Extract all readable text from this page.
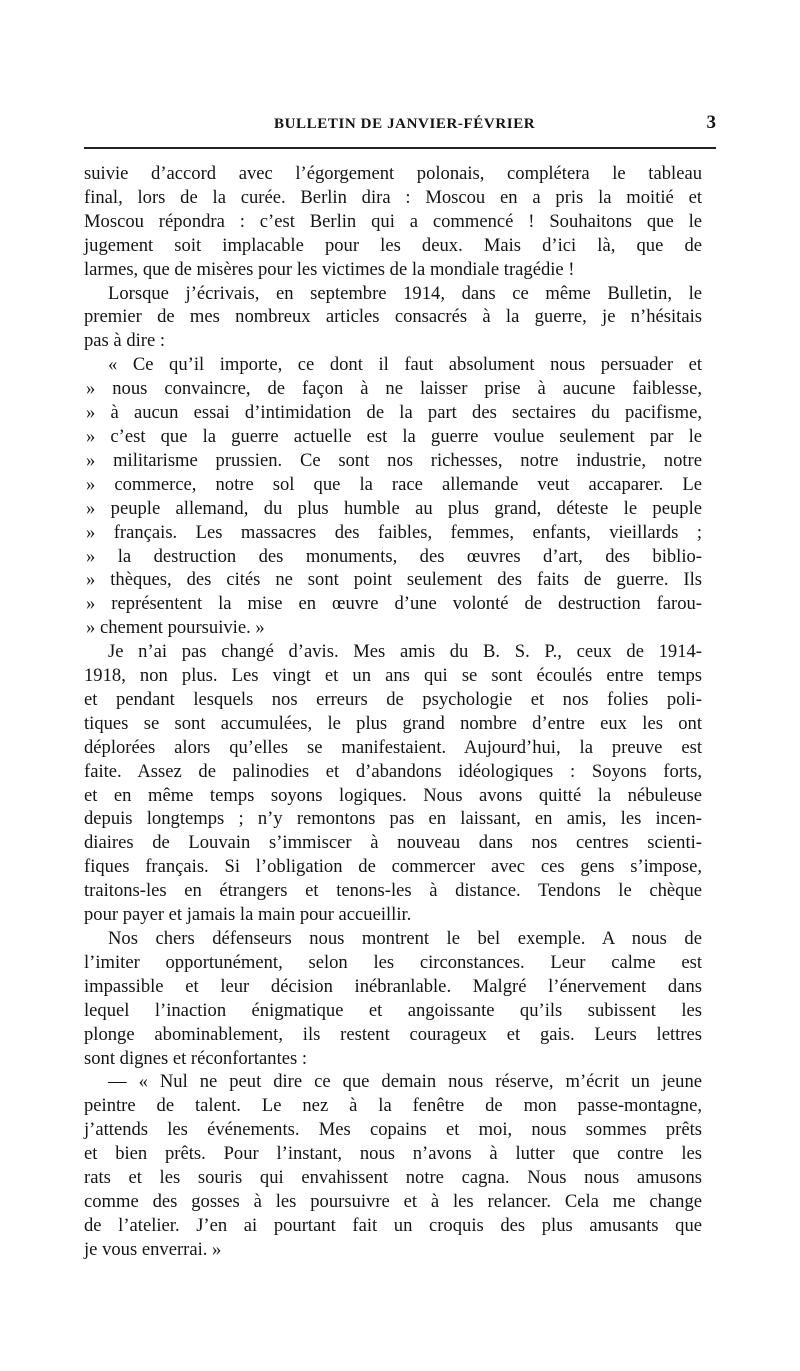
BULLETIN DE JANVIER-FÉVRIER	3

suivie d’accord avec l’égorgement polonais, complétera le tableau

final, lors de la curée. Berlin dira : Moscou en a pris la moitié et

Moscou répondra : c’est Berlin qui a commencé ! Souhaitons que le

jugement soit implacable pour les deux. Mais d’ici là, que de

larmes, que de misères pour les victimes de la mondiale tragédie !

Lorsque j’écrivais, en septembre 1914, dans ce même Bulletin, le

premier de mes nombreux articles consacrés à la guerre, je n’hésitais

pas à dire :

« Ce qu’il importe, ce dont il faut absolument nous persuader et

» nous convaincre, de façon à ne laisser prise à aucune faiblesse,

» à aucun essai d’intimidation de la part des sectaires du pacifisme,

» c’est que la guerre actuelle est la guerre voulue seulement par le

» militarisme prussien. Ce sont nos richesses, notre industrie, notre

» commerce, notre sol que la race allemande veut accaparer. Le

» peuple allemand, du plus humble au plus grand, déteste le peuple

» français. Les massacres des faibles, femmes, enfants, vieillards ;

» la destruction des monuments, des œuvres d’art, des biblio-

» thèques, des cités ne sont point seulement des faits de guerre. Ils

» représentent la mise en œuvre d’une volonté de destruction farou-

» chement poursuivie. »

Je n’ai pas changé d’avis. Mes amis du B. S. P., ceux de 1914-

1918, non plus. Les vingt et un ans qui se sont écoulés entre temps

et pendant lesquels nos erreurs de psychologie et nos folies poli-

tiques se sont accumulées, le plus grand nombre d’entre eux les ont

déplorées alors qu’elles se manifestaient. Aujourd’hui, la preuve est

faite. Assez de palinodies et d’abandons idéologiques : Soyons forts,

et en même temps soyons logiques. Nous avons quitté la nébuleuse

depuis longtemps ; n’y remontons pas en laissant, en amis, les incen-

diaires de Louvain s’immiscer à nouveau dans nos centres scienti-

fiques français. Si l’obligation de commercer avec ces gens s’impose,

traitons-les en étrangers et tenons-les à distance. Tendons le chèque

pour payer et jamais la main pour accueillir.

Nos chers défenseurs nous montrent le bel exemple. A nous de

l’imiter opportunément, selon les circonstances. Leur calme est

impassible et leur décision inébranlable. Malgré l’énervement dans

lequel l’inaction énigmatique et angoissante qu’ils subissent les

plonge abominablement, ils restent courageux et gais. Leurs lettres

sont dignes et réconfortantes :

— « Nul ne peut dire ce que demain nous réserve, m’écrit un jeune

peintre de talent. Le nez à la fenêtre de mon passe-montagne,

j’attends les événements. Mes copains et moi, nous sommes prêts

et bien prêts. Pour l’instant, nous n’avons à lutter que contre les

rats et les souris qui envahissent notre cagna. Nous nous amusons

comme des gosses à les poursuivre et à les relancer. Cela me change

de l’atelier. J’en ai pourtant fait un croquis des plus amusants que

je vous enverrai. »
